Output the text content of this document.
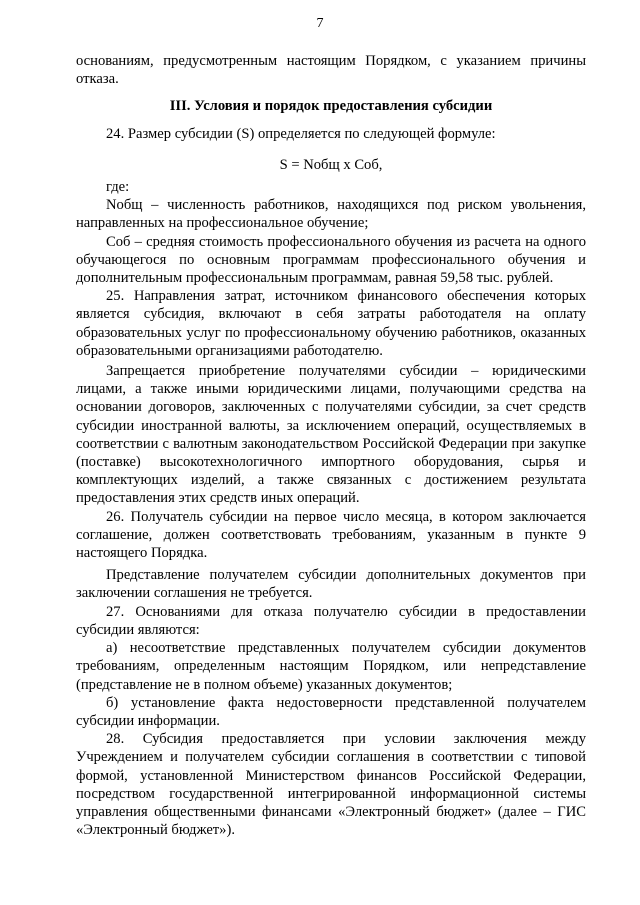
7

основаниям, предусмотренным настоящим Порядком, с указанием причины отказа.

III. Условия и порядок предоставления субсидии

24. Размер субсидии (S) определяется по следующей формуле:

S = Nобщ x Cоб,

где:

Nобщ – численность работников, находящихся под риском увольнения, направленных на профессиональное обучение;

Cоб – средняя стоимость профессионального обучения из расчета на одного обучающегося по основным программам профессионального обучения и дополнительным профессиональным программам, равная 59,58 тыс. рублей.

25. Направления затрат, источником финансового обеспечения которых является субсидия, включают в себя затраты работодателя на оплату образовательных услуг по профессиональному обучению работников, оказанных образовательными организациями работодателю.

Запрещается приобретение получателями субсидии – юридическими лицами, а также иными юридическими лицами, получающими средства на основании договоров, заключенных с получателями субсидии, за счет средств субсидии иностранной валюты, за исключением операций, осуществляемых в соответствии с валютным законодательством Российской Федерации при закупке (поставке) высокотехнологичного импортного оборудования, сырья и комплектующих изделий, а также связанных с достижением результата предоставления этих средств иных операций.

26. Получатель субсидии на первое число месяца, в котором заключается соглашение, должен соответствовать требованиям, указанным в пункте 9 настоящего Порядка.

Представление получателем субсидии дополнительных документов при заключении соглашения не требуется.

27. Основаниями для отказа получателю субсидии в предоставлении субсидии являются:

а) несоответствие представленных получателем субсидии документов требованиям, определенным настоящим Порядком, или непредставление (представление не в полном объеме) указанных документов;

б) установление факта недостоверности представленной получателем субсидии информации.

28. Субсидия предоставляется при условии заключения между Учреждением и получателем субсидии соглашения в соответствии с типовой формой, установленной Министерством финансов Российской Федерации, посредством государственной интегрированной информационной системы управления общественными финансами «Электронный бюджет» (далее – ГИС «Электронный бюджет»).
